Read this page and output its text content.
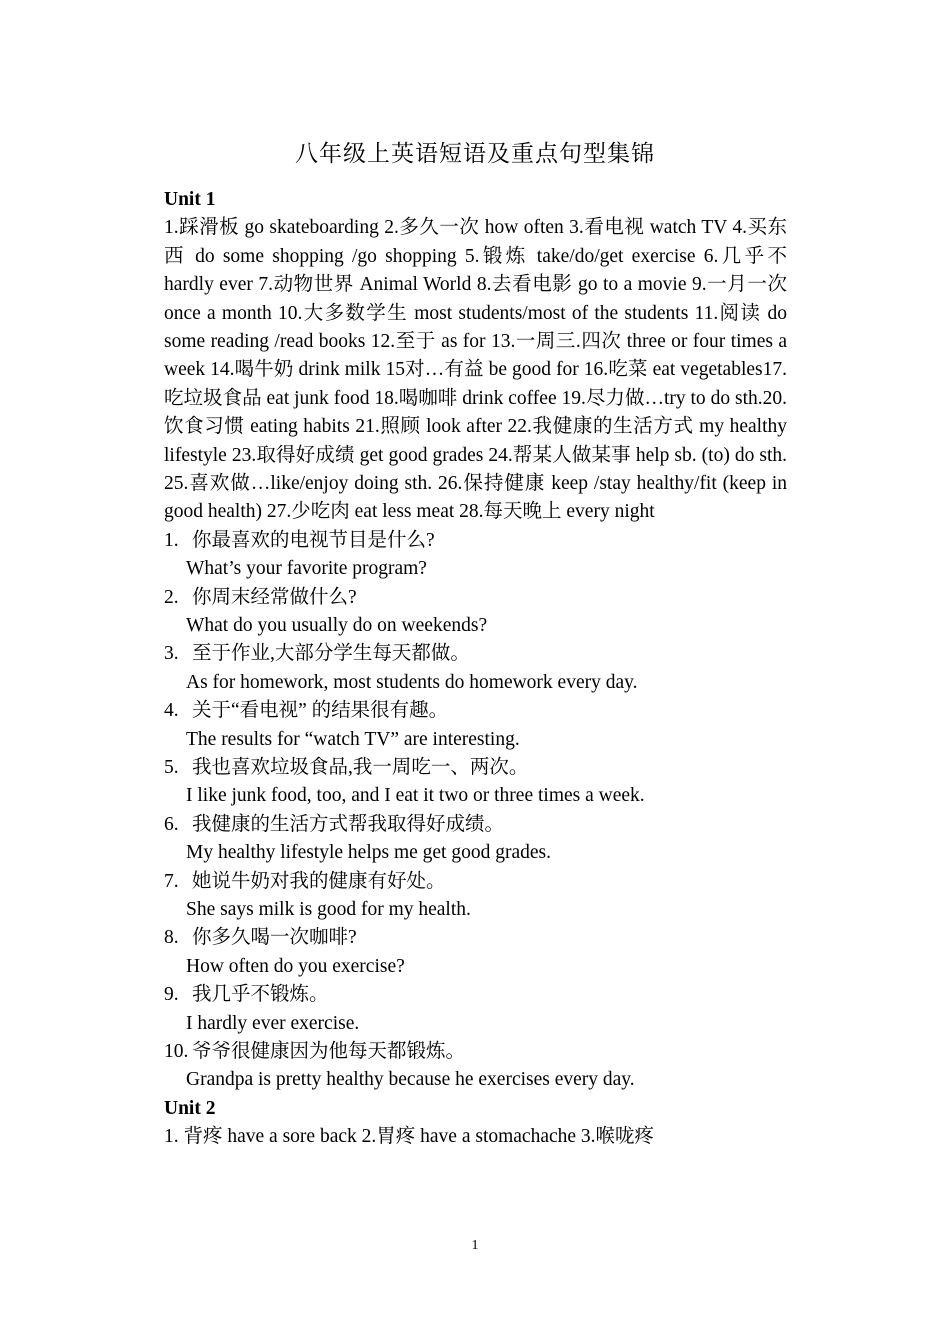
八年级上英语短语及重点句型集锦
Unit 1

1.踩滑板 go skateboarding 2.多久一次 how often 3.看电视 watch TV 4.买东西 do some shopping /go shopping 5.锻炼 take/do/get exercise 6.几乎不 hardly ever 7.动物世界 Animal World 8.去看电影 go to a movie 9.一月一次 once a month 10.大多数学生 most students/most of the students 11.阅读 do some reading /read books 12.至于 as for 13.一周三.四次 three or four times a week 14.喝牛奶 drink milk 15对…有益 be good for 16.吃菜 eat vegetables17.吃垃圾食品 eat junk food 18.喝咖啡 drink coffee 19.尽力做…try to do sth.20.饮食习惯 eating habits 21.照顾 look after 22.我健康的生活方式 my healthy lifestyle 23.取得好成绩 get good grades 24.帮某人做某事 help sb. (to) do sth. 25.喜欢做…like/enjoy doing sth. 26.保持健康 keep /stay healthy/fit (keep in good health) 27.少吃肉 eat less meat 28.每天晚上 every night

1. 你最喜欢的电视节目是什么?
What’s your favorite program?
2. 你周末经常做什么?
What do you usually do on weekends?
3. 至于作业,大部分学生每天都做。
As for homework, most students do homework every day.
4. 关于“看电视” 的结果很有趣。
The results for “watch TV” are interesting.
5. 我也喜欢垃圾食品,我一周吃一、两次。
I like junk food, too, and I eat it two or three times a week.
6. 我健康的生活方式帮我取得好成绩。
My healthy lifestyle helps me get good grades.
7. 她说牛奶对我的健康有好处。
She says milk is good for my health.
8. 你多久喝一次咖啡?
How often do you exercise?
9. 我几乎不锻炼。
I hardly ever exercise.
10. 爷爷很健康因为他每天都锻炼。
Grandpa is pretty healthy because he exercises every day.
Unit 2

1. 背疼 have a sore back 2.胃疼 have a stomachache 3.喉咙疼

1
